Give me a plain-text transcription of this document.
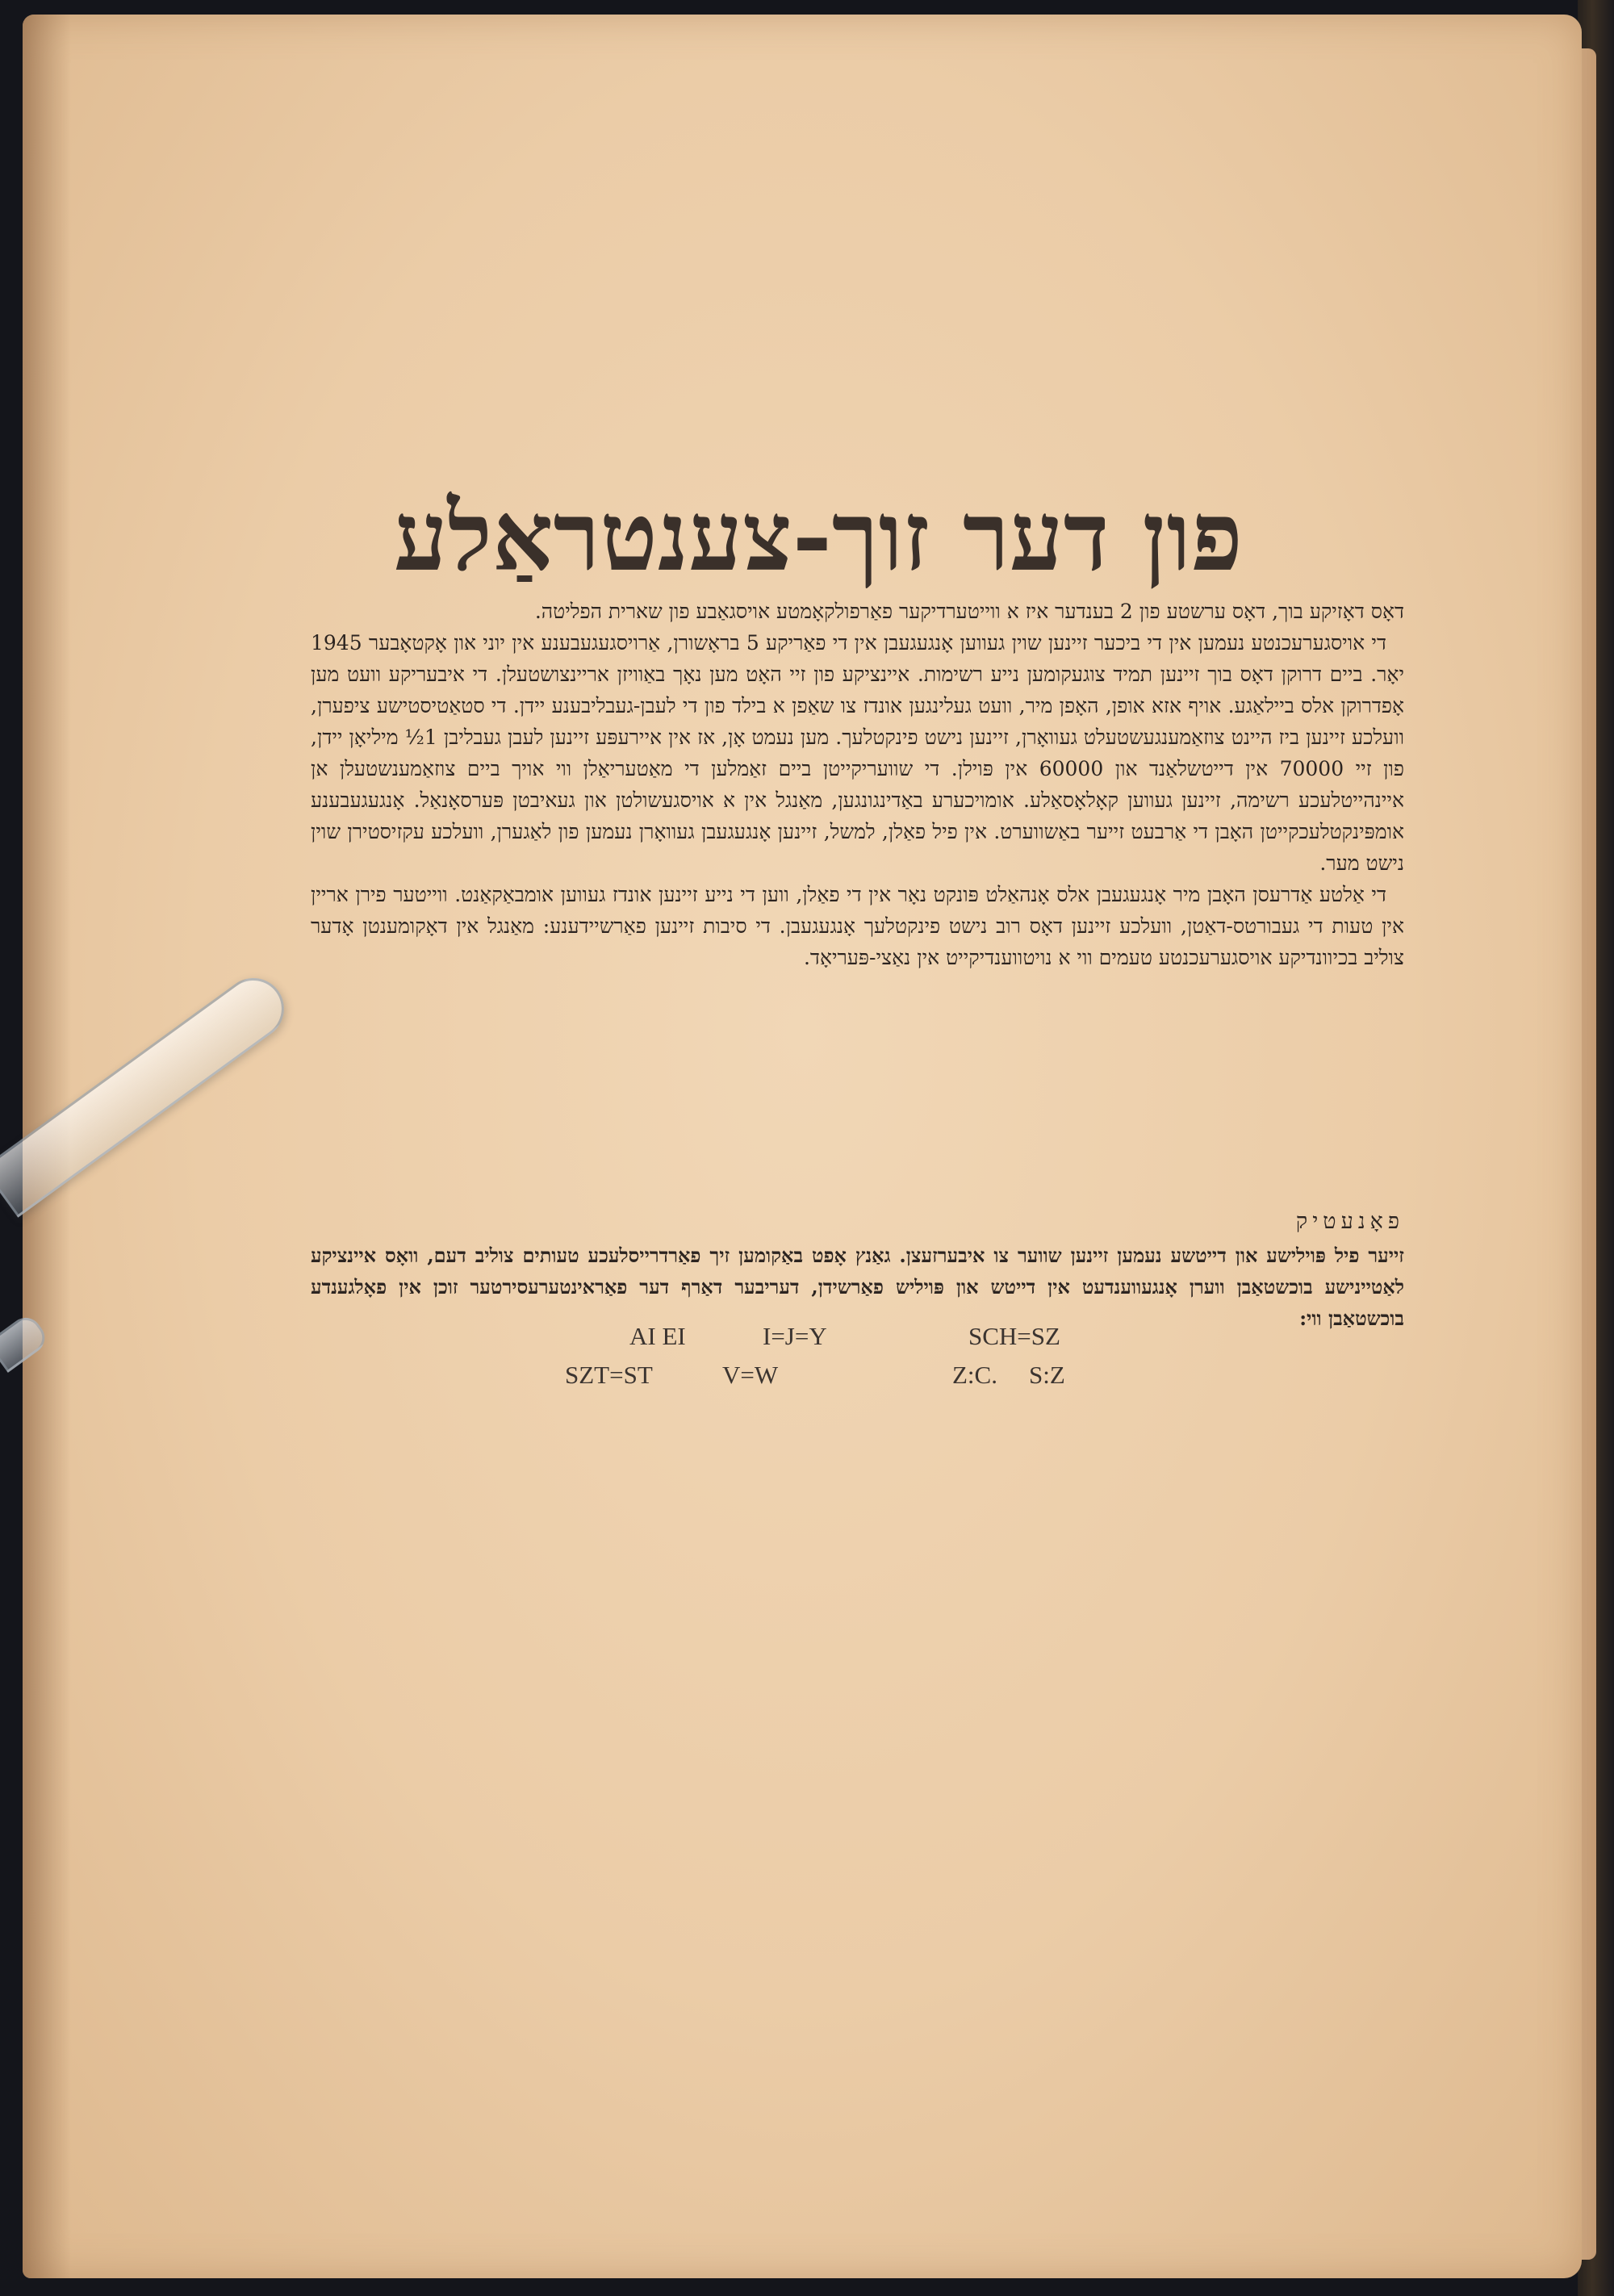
פון דער זוך-צענטראַלע

דאָס דאָזיקע בוך, דאָס ערשטע פון 2 בענדער איז א ווייטערדיקער פאַרפולקאָמטע אויסגאַבע פון שארית הפליטה.

די אויסגערעכנטע נעמען אין די ביכער זיינען שוין געווען אָנגעגעבן אין די פאַריקע 5 בראָשורן, אַרויסגעגעבענע אין יוני און אָקטאָבער 1945 יאָר. ביים דרוקן דאָס בוך זיינען תמיד צוגעקומען נייע רשימות. איינציקע פון זיי האָט מען נאָך באַוויזן אריינצושטעלן. די איבעריקע וועט מען אָפדרוקן אלס ביילאַגע. אויף אזא אופן, האָפן מיר, וועט געלינגען אונדז צו שאַפן א בילד פון די לעבן-געבליבענע יידן. די סטאַטיסטישע ציפערן, וועלכע זיינען ביז היינט צוזאַמענגעשטעלט געוואָרן, זיינען נישט פינקטלעך. מען נעמט אָן, אז אין איירעפּע זיינען לעבן געבליבן 1½ מיליאָן יידן, פון זיי 70000 אין דייטשלאַנד און 60000 אין פּוילן. די שוועריקייטן ביים זאַמלען די מאַטעריאַלן ווי אויך ביים צוזאַמענשטעלן אן איינהייטלעכע רשימה, זיינען געווען קאָלאָסאַלע. אומויכערע באַדינגונגען, מאַנגל אין א אויסגעשולטן און געאיבטן פּערסאָנאַל. אָנגעגעבענע אומפּינקטלעכקייטן האָבן די אַרבעט זייער באַשווערט. אין פיל פאַלן, למשל, זיינען אָנגעגעבן געוואָרן נעמען פון לאַגערן, וועלכע עקזיסטירן שוין נישט מער.

די אַלטע אַדרעסן האָבן מיר אָנגעגעבן אלס אָנהאַלט פּונקט נאָר אין די פאַלן, ווען די נייע זיינען אונדז געווען אומבאַקאַנט. ווייטער פירן אריין אין טעות די געבורטס-דאַטן, וועלכע זיינען דאָס רוב נישט פינקטלעך אָנגעגעבן. די סיבות זיינען פאַרשיידענע: מאַנגל אין דאָקומענטן אָדער צוליב בכיוונדיקע אויסגערעכנטע טעמים ווי א נויטווענדיקייט אין נאַצי-פּעריאָד.

פאָנעטיק
זייער פיל פּוילישע און דייטשע נעמען זיינען שווער צו איבערזעצן. גאַנץ אָפט באַקומען זיך פאַרדרייסלעכע טעותים צוליב דעם, וואָס איינציקע לאַטיינישע בוכשטאַבן ווערן אָנגעווענדעט אין דייטש און פּויליש פאַרשידן, דעריבער דאַרף דער פאַראינטערעסירטער זוכן אין פאָלגענדע בוכשטאַבן ווי:
AI EI	I=J=Y	SCH=SZ
SZT=ST	V=W	Z:C. S:Z
